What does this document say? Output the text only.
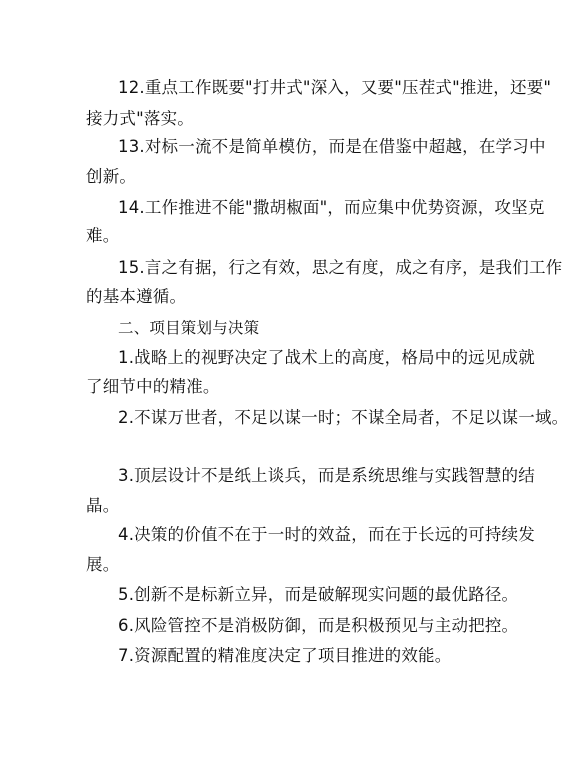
12.重点工作既要"打井式"深入，又要"压茬式"推进，还要"
接力式"落实。
13.对标一流不是简单模仿，而是在借鉴中超越，在学习中
创新。
14.工作推进不能"撒胡椒面"，而应集中优势资源，攻坚克
难。
15.言之有据，行之有效，思之有度，成之有序，是我们工作
的基本遵循。
二、项目策划与决策
1.战略上的视野决定了战术上的高度，格局中的远见成就
了细节中的精准。
2.不谋万世者，不足以谋一时；不谋全局者，不足以谋一域。
3.顶层设计不是纸上谈兵，而是系统思维与实践智慧的结
晶。
4.决策的价值不在于一时的效益，而在于长远的可持续发
展。
5.创新不是标新立异，而是破解现实问题的最优路径。
6.风险管控不是消极防御，而是积极预见与主动把控。
7.资源配置的精准度决定了项目推进的效能。
